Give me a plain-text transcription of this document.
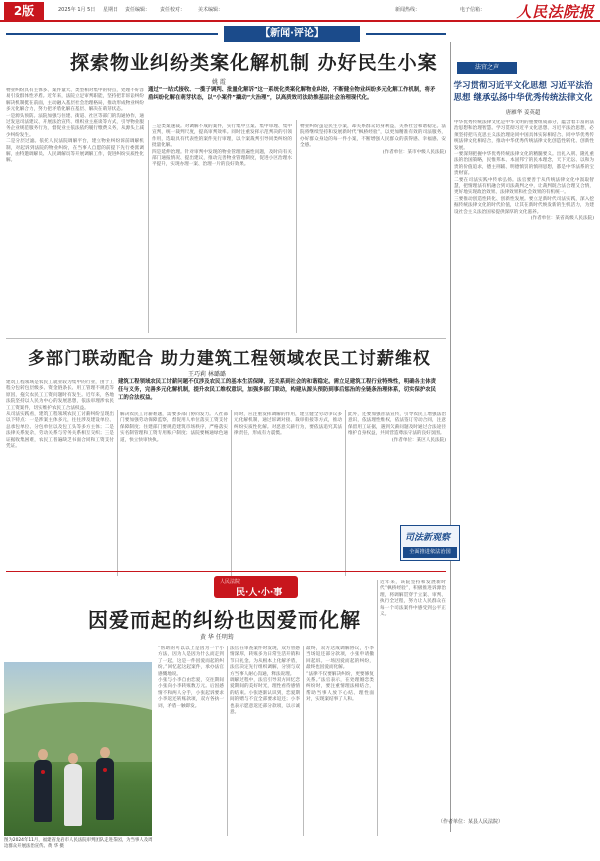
2版	2025年 1月 5日 星期日 责任编辑： 责任校对：	美术编辑：	新闻热线：	电子信箱： 人民法院报
【新闻·评论】
探索物业纠纷类案化解机制 办好民生小案
姚 霞
通过“一站式接收、一揽子调判、批量化解诉”这一系统化类案化解物业纠纷，不断健全物业纠纷多元化解工作机制，将矛盾纠纷化解在萌芽状态，以“小案件”撬动“大治理”，以高质效司法助推基层社会治理现代化。

物业纠纷具有主体多、案件量大、类型相对集中的特点，处理不好容易引发群体性矛盾。近年来，法院立足审判职能，坚持把非诉讼纠纷解决机制挺在前面，主动融入基层社会治理格局，推动形成物业纠纷多元化解合力，努力把矛盾化解在基层、解决在萌芽状态。

一是源头预防。法院加强与住建、街道、社区等部门的沟通协作，通过发送司法建议、开展法治宣传、组织业主座谈等方式，引导物业服务企业规范服务行为，督促业主依法依约履行缴费义务，从源头上减少纠纷发生。

二是分层过滤。依托人民法院调解平台，建立物业纠纷诉前调解机制，对起诉到法院的物业纠纷，在当事人自愿的前提下先行委派调解，由特邀调解员、人民调解员等开展调解工作，促进纠纷实质性化解。

三是类案速裁。对调解不成的案件，实行集中立案、集中审理、集中宣判，统一裁判尺度，提高审判效率。同时注重发挥示范判决的引领作用，选取具有代表性的案件先行审理，以个案裁判引导同类纠纷的批量化解。

四是延伸治理。针对审判中发现的物业管理普遍性问题，及时向有关部门通报情况、提出建议，推动完善物业管理制度，促进小区治理水平提升，实现办理一案、治理一片的良好效果。

物业纠纷虽是民生小案，却关系群众切身利益，关系社会和谐稳定。法院将继续坚持和发展新时代“枫桥经验”，以更加精准有效的司法服务，办好群众身边的每一件小案，不断增强人民群众的获得感、幸福感、安全感。

(作者单位：某市中级人民法院)

法官之声
学习贯彻习近平文化思想 习近平法治思想 继承弘扬中华优秀传统法律文化
唐雁华 姜英超

中华优秀传统法律文化是中华文明的重要组成部分，蕴含着丰富的法治思想和治理智慧。学习贯彻习近平文化思想、习近平法治思想，必须坚持把马克思主义法治理论同中国具体实际相结合、同中华优秀传统法律文化相结合，推动中华优秀传统法律文化创造性转化、创新性发展。

一要深刻把握中华优秀传统法律文化的精髓要义。出礼入刑、隆礼重法的治国策略，民惟邦本、本固邦宁的民本理念，天下无讼、以和为贵的价值追求，德主刑辅、明德慎罚的慎刑思想，都是中华法系的宝贵财富。

二要在司法实践中传承弘扬。法官要善于从传统法律文化中汲取智慧，把情理法有机融合到司法裁判之中，让裁判既合法合理又合情，更好地实现政治效果、法律效果和社会效果的有机统一。

三要推动创造性转化、创新性发展。要立足新时代司法实践，深入挖掘传统法律文化的时代价值，让其在新时代焕发新的生机活力，为建设社会主义法治国家提供深厚的文化滋养。

(作者单位：某省高级人民法院)

多部门联动配合 助力建筑工程领域农民工讨薪维权
王巧莉 林璐璐
建筑工程领域农民工讨薪问题不仅涉及农民工的基本生活保障，还关系到社会的和谐稳定。需立足建筑工程行业特殊性，明确各主体责任与义务，完善多元化解机制，提升农民工维权意识，加强多部门联动，构建从源头预防到事后惩治的全链条治理体系，切实保护农民工的合法权益。

建筑工程领域是农民工就业较为集中的行业，由于工程分包转包层级多、资金链条长、用工管理不规范等原因，拖欠农民工工资问题时有发生。近年来，各地法院坚持以人民为中心的发展思想，依法审理涉农民工工资案件，切实维护农民工合法权益。

从司法实践看，建筑工程领域农民工讨薪纠纷呈现出以下特点：一是涉案主体多元，往往涉及建设单位、总承包单位、分包单位以及包工头等多方主体；二是法律关系复杂，劳动关系与劳务关系相互交织；三是证据收集困难，农民工普遍缺乏书面合同和工资支付凭证。

解决农民工讨薪难题，需要多部门协同发力。人社部门要加强劳动保障监察，督促用人单位落实工资支付保障制度；住建部门要规范建筑市场秩序，严格落实实名制管理和工资专用账户制度；法院要畅通绿色通道，快立快审快执。

同时，应注重发挥调解的作用，建立健全劳动争议多元化解机制，通过诉调对接、裁审衔接等方式，推动纠纷实质性化解。对恶意欠薪行为，要依法追究其法律责任，形成有力震慑。

此外，还要加强普法宣传，引导农民工增强法治意识，依法理性维权，依法签订劳动合同，注意保留用工证据，遇到欠薪问题及时通过合法途径维护自身权益，共同营造尊法守法的良好氛围。

(作者单位：某区人民法院)

司法新观察
全面推进依法治国
人民法院
民·人·小·事
因爱而起的纠纷也因爱而化解
黄 华 任明筠
图为2024年11月，福建省龙岩市人民法院审判团队走进茶园，为当事人及周边群众开展法治宣传。黄 华 摄

“帮助的可以以上是因为一个小方法，因为人是因为什么而走到了一起，这是一件因爱而起的纠纷。”回忆起这起案件，承办法官感慨地说。

小张与小李自由恋爱，交往期间小张向小李转账数万元。后因感情不和两人分手，小张起诉要求小李返还转账款项，双方各执一词，矛盾一触即发。

法官在审查案件时发现，双方曾感情深厚，转账多为日常生活开销和节日礼金。为从根本上化解矛盾，法官决定先行组织调解，分别与双方当事人耐心沟通，释法说理。

调解过程中，法官引导双方回忆恋爱期间的美好时光，理性看待感情的结束。小张逐渐认识到，恋爱期间的赠与不宜全部要求返还；小李也表示愿意返还部分款项，以示诚意。

最终，双方达成调解协议，小李当场返还部分款项，小张申请撤回起诉。一场因爱而起的纠纷，最终也因爱而化解。

“法律不仅要解决纠纷，更要修复关系。”法官表示，在处理婚恋类纠纷时，要注重情理法相结合，帮助当事人放下心结、理性面对，实现案结事了人和。

近年来，该院坚持和发展新时代“枫桥经验”，积极推进诉源治理，将调解贯穿于立案、审判、执行全过程，努力让人民群众在每一个司法案件中感受到公平正义。

（作者单位：某县人民法院）
